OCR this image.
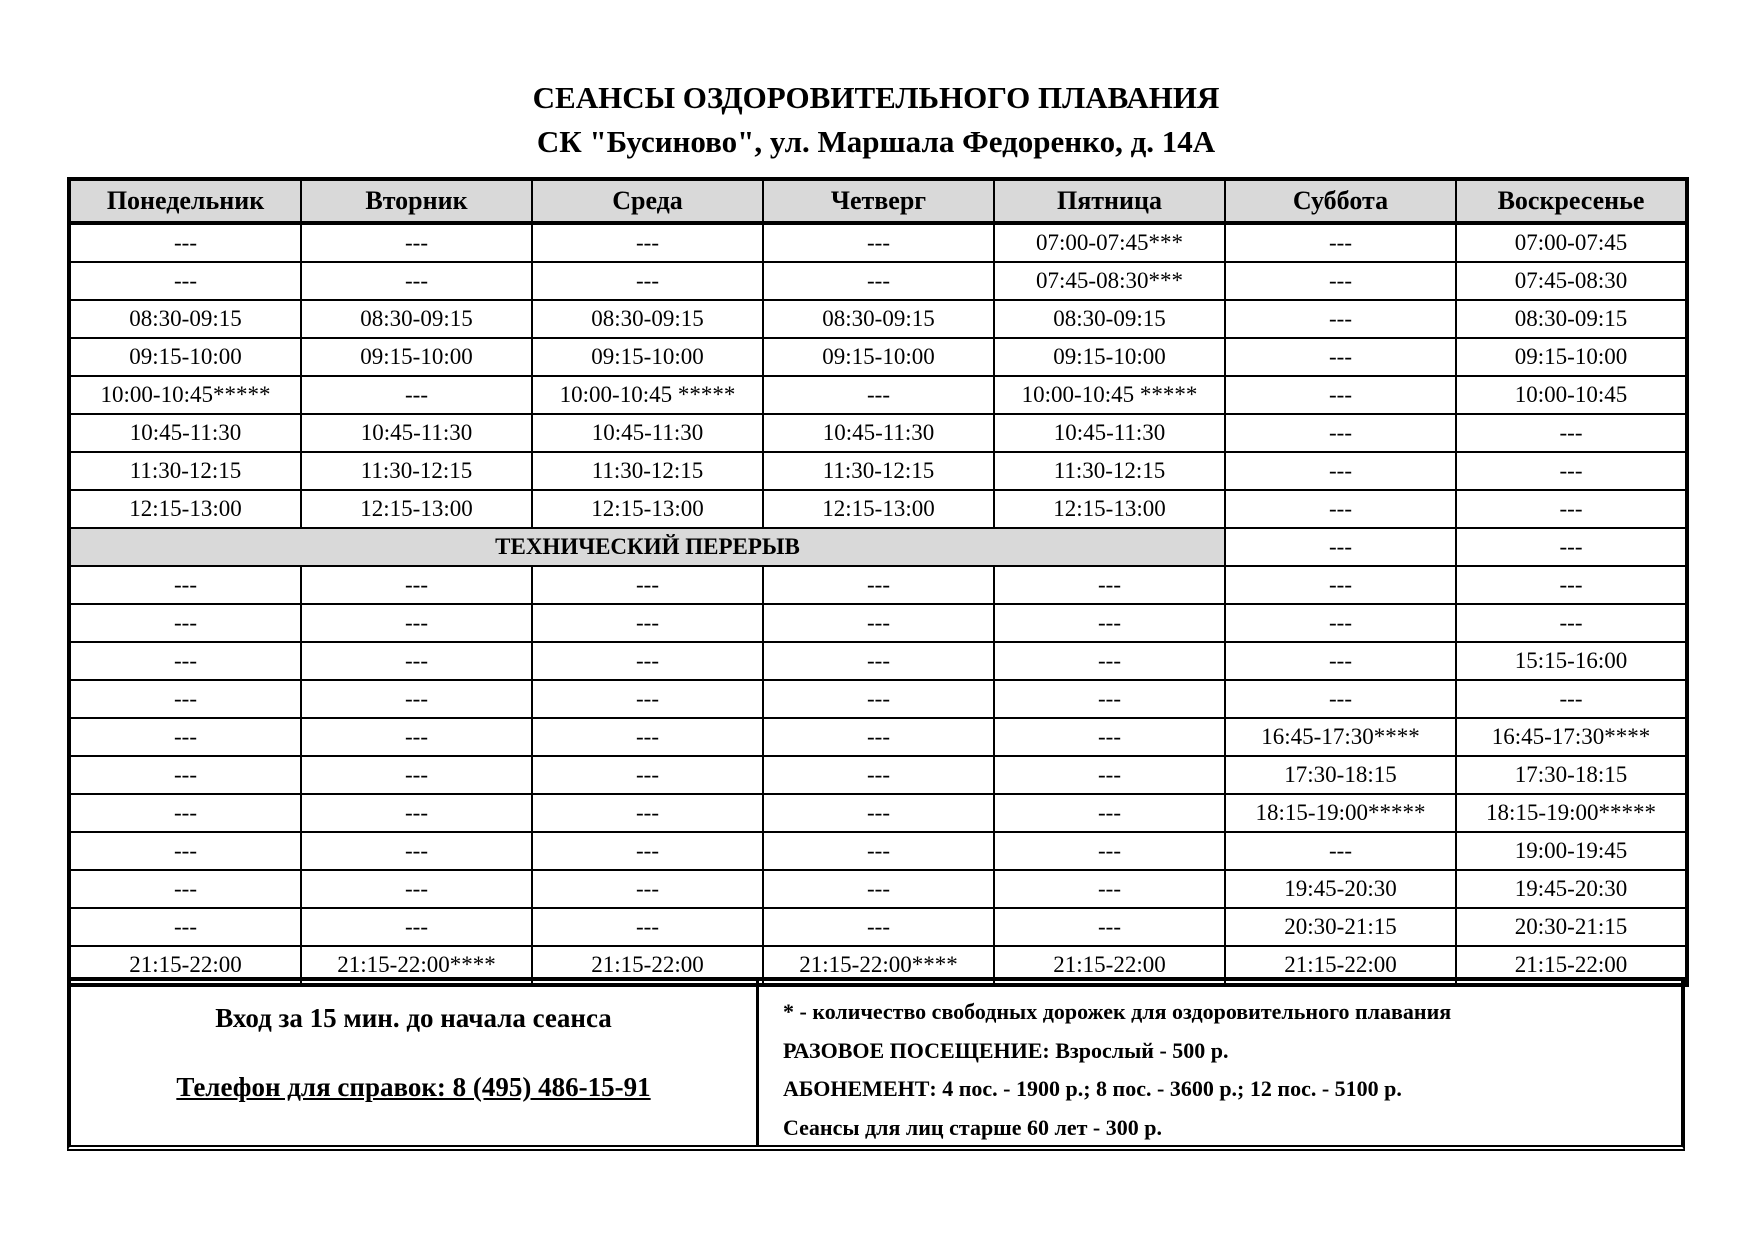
СЕАНСЫ ОЗДОРОВИТЕЛЬНОГО ПЛАВАНИЯ
СК "Бусиново", ул. Маршала Федоренко, д. 14А
Понедельник	Вторник	Среда	Четверг	Пятница	Суббота	Воскресенье
---	---	---	---	07:00-07:45***	---	07:00-07:45
---	---	---	---	07:45-08:30***	---	07:45-08:30
08:30-09:15	08:30-09:15	08:30-09:15	08:30-09:15	08:30-09:15	---	08:30-09:15
09:15-10:00	09:15-10:00	09:15-10:00	09:15-10:00	09:15-10:00	---	09:15-10:00
10:00-10:45*****	---	10:00-10:45 *****	---	10:00-10:45 *****	---	10:00-10:45
10:45-11:30	10:45-11:30	10:45-11:30	10:45-11:30	10:45-11:30	---	---
11:30-12:15	11:30-12:15	11:30-12:15	11:30-12:15	11:30-12:15	---	---
12:15-13:00	12:15-13:00	12:15-13:00	12:15-13:00	12:15-13:00	---	---
ТЕХНИЧЕСКИЙ ПЕРЕРЫВ					---	---
---	---	---	---	---	---	---
---	---	---	---	---	---	---
---	---	---	---	---	---	15:15-16:00
---	---	---	---	---	---	---
---	---	---	---	---	16:45-17:30****	16:45-17:30****
---	---	---	---	---	17:30-18:15	17:30-18:15
---	---	---	---	---	18:15-19:00*****	18:15-19:00*****
---	---	---	---	---	---	19:00-19:45
---	---	---	---	---	19:45-20:30	19:45-20:30
---	---	---	---	---	20:30-21:15	20:30-21:15
21:15-22:00	21:15-22:00****	21:15-22:00	21:15-22:00****	21:15-22:00	21:15-22:00	21:15-22:00
Вход за 15 мин. до начала сеанса
Телефон для справок: 8 (495) 486-15-91
* - количество свободных дорожек для оздоровительного плавания
РАЗОВОЕ ПОСЕЩЕНИЕ: Взрослый - 500 р.
АБОНЕМЕНТ: 4 пос. - 1900 р.; 8 пос. - 3600 р.; 12 пос. - 5100 р.
Сеансы для лиц старше 60 лет - 300 р.
